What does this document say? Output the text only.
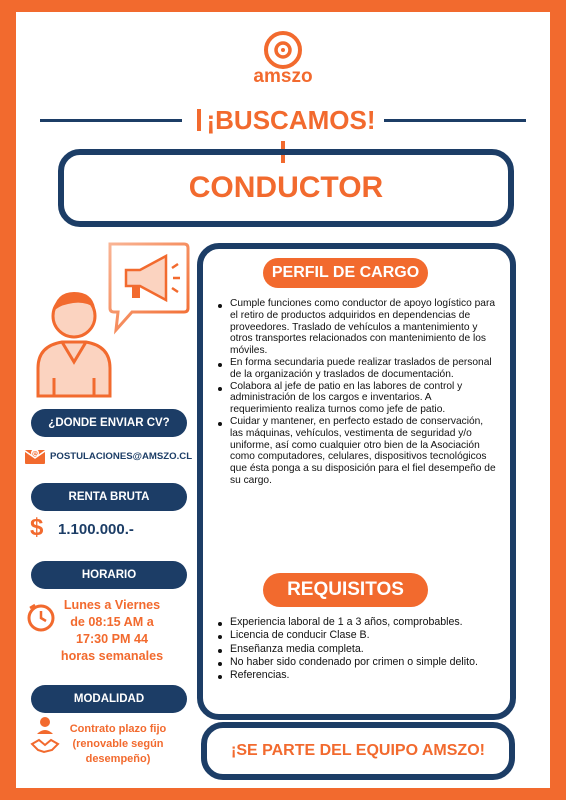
amszo
¡BUSCAMOS!
CONDUCTOR
¿DONDE ENVIAR CV?
@ POSTULACIONES@AMSZO.CL
RENTA BRUTA
$ 1.100.000.-
HORARIO
Lunes a Viernes
de 08:15 AM a
17:30 PM 44
horas semanales
MODALIDAD
Contrato plazo fijo
(renovable según
desempeño)
PERFIL DE CARGO
Cumple funciones como conductor de apoyo logístico para el retiro de productos adquiridos en dependencias de proveedores. Traslado de vehículos a mantenimiento y otros transportes relacionados con mantenimiento de los móviles.
En forma secundaria puede realizar traslados de personal de la organización y traslados de documentación.
Colabora al jefe de patio en las labores de control y administración de los cargos e inventarios. A requerimiento realiza turnos como jefe de patio.
Cuidar y mantener, en perfecto estado de conservación, las máquinas, vehículos, vestimenta de seguridad y/o uniforme, así como cualquier otro bien de la Asociación como computadores, celulares, dispositivos tecnológicos que ésta ponga a su disposición para el fiel desempeño de su cargo.
REQUISITOS
Experiencia laboral de 1 a 3 años, comprobables.
Licencia de conducir Clase B.
Enseñanza media completa.
No haber sido condenado por crimen o simple delito.
Referencias.
¡SE PARTE DEL EQUIPO AMSZO!
